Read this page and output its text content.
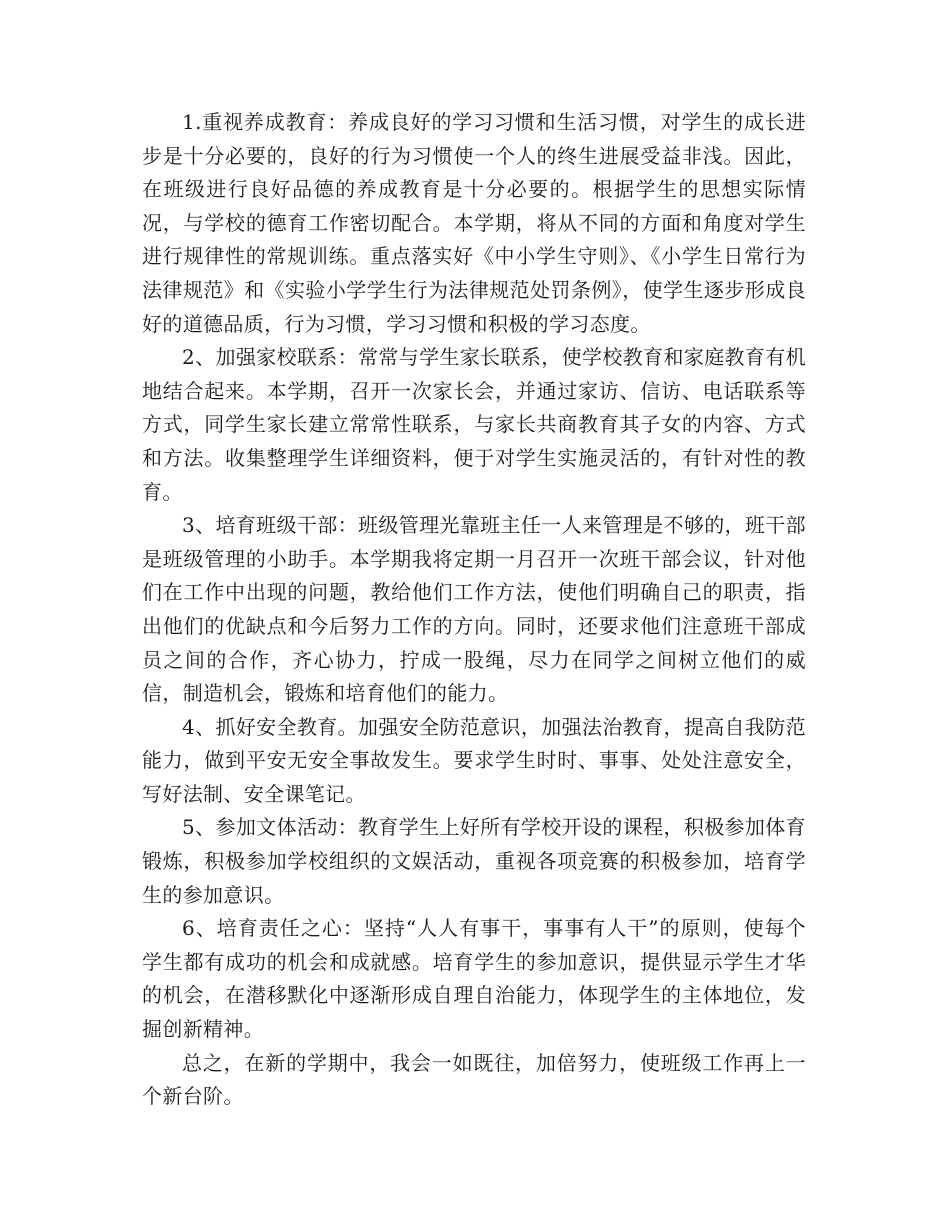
1.重视养成教育：养成良好的学习习惯和生活习惯，对学生的成长进步是十分必要的，良好的行为习惯使一个人的终生进展受益非浅。因此，在班级进行良好品德的养成教育是十分必要的。根据学生的思想实际情况，与学校的德育工作密切配合。本学期，将从不同的方面和角度对学生进行规律性的常规训练。重点落实好《中小学生守则》、《小学生日常行为法律规范》和《实验小学学生行为法律规范处罚条例》，使学生逐步形成良好的道德品质，行为习惯，学习习惯和积极的学习态度。

2、加强家校联系：常常与学生家长联系，使学校教育和家庭教育有机地结合起来。本学期，召开一次家长会，并通过家访、信访、电话联系等方式，同学生家长建立常常性联系，与家长共商教育其子女的内容、方式和方法。收集整理学生详细资料，便于对学生实施灵活的，有针对性的教育。

3、培育班级干部：班级管理光靠班主任一人来管理是不够的，班干部是班级管理的小助手。本学期我将定期一月召开一次班干部会议，针对他们在工作中出现的问题，教给他们工作方法，使他们明确自己的职责，指出他们的优缺点和今后努力工作的方向。同时，还要求他们注意班干部成员之间的合作，齐心协力，拧成一股绳，尽力在同学之间树立他们的威信，制造机会，锻炼和培育他们的能力。

4、抓好安全教育。加强安全防范意识，加强法治教育，提高自我防范能力，做到平安无安全事故发生。要求学生时时、事事、处处注意安全，写好法制、安全课笔记。

5、参加文体活动：教育学生上好所有学校开设的课程，积极参加体育锻炼，积极参加学校组织的文娱活动，重视各项竞赛的积极参加，培育学生的参加意识。

6、培育责任之心：坚持“人人有事干，事事有人干”的原则，使每个学生都有成功的机会和成就感。培育学生的参加意识，提供显示学生才华的机会，在潜移默化中逐渐形成自理自治能力，体现学生的主体地位，发掘创新精神。

总之，在新的学期中，我会一如既往，加倍努力，使班级工作再上一个新台阶。
